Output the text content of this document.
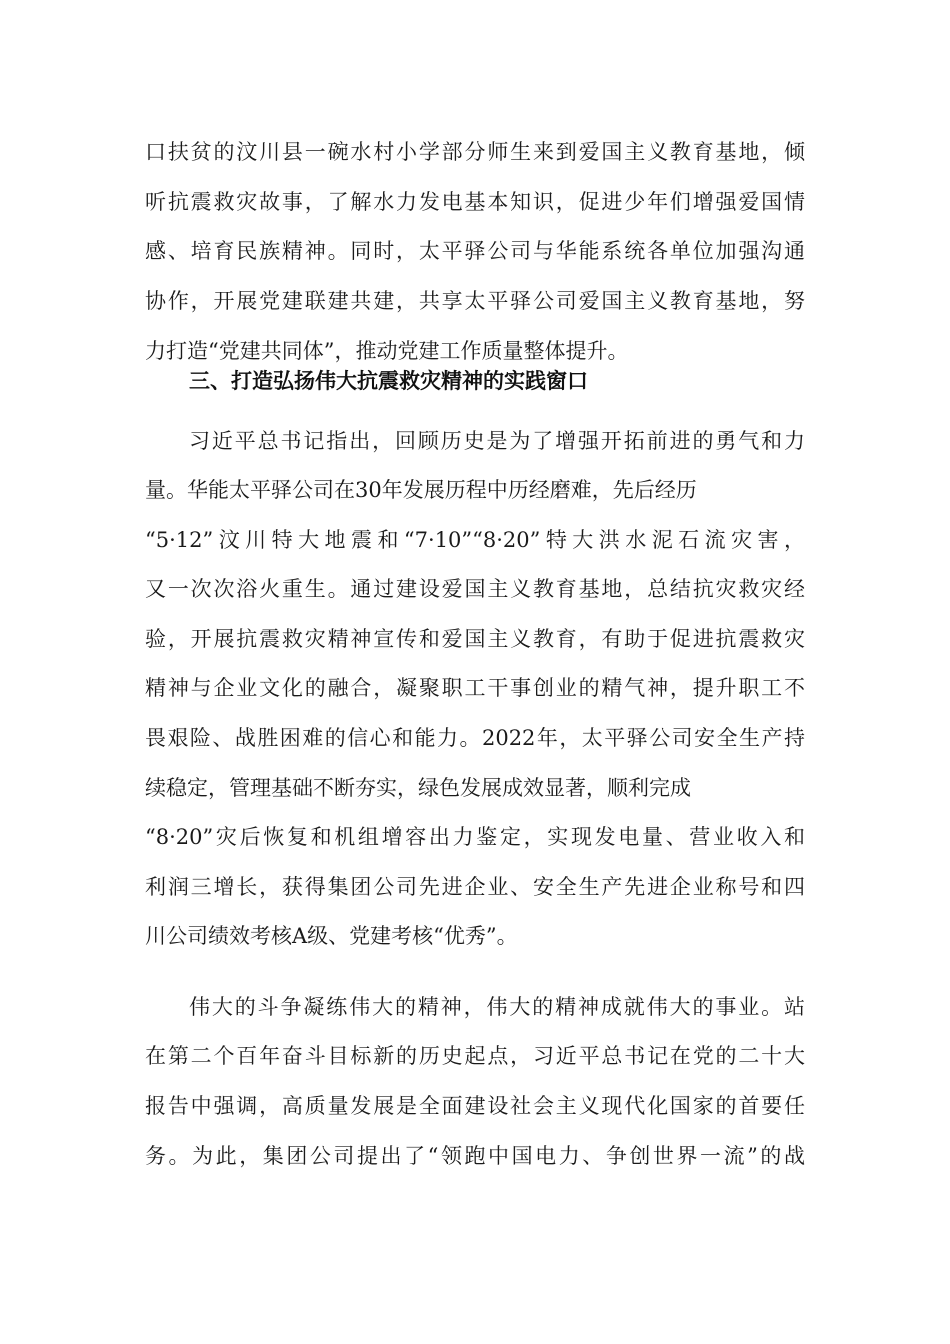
口扶贫的汶川县一碗水村小学部分师生来到爱国主义教育基地，倾
听抗震救灾故事，了解水力发电基本知识，促进少年们增强爱国情
感、培育民族精神。同时，太平驿公司与华能系统各单位加强沟通
协作，开展党建联建共建，共享太平驿公司爱国主义教育基地，努
力打造“党建共同体”，推动党建工作质量整体提升。
三、打造弘扬伟大抗震救灾精神的实践窗口
习近平总书记指出，回顾历史是为了增强开拓前进的勇气和力
量。华能太平驿公司在30年发展历程中历经磨难，先后经历
“5·12”汶川特大地震和“7·10”“8·20”特大洪水泥石流灾害，
又一次次浴火重生。通过建设爱国主义教育基地，总结抗灾救灾经
验，开展抗震救灾精神宣传和爱国主义教育，有助于促进抗震救灾
精神与企业文化的融合，凝聚职工干事创业的精气神，提升职工不
畏艰险、战胜困难的信心和能力。2022年，太平驿公司安全生产持
续稳定，管理基础不断夯实，绿色发展成效显著，顺利完成
“8·20”灾后恢复和机组增容出力鉴定，实现发电量、营业收入和
利润三增长，获得集团公司先进企业、安全生产先进企业称号和四
川公司绩效考核A级、党建考核“优秀”。
伟大的斗争凝练伟大的精神，伟大的精神成就伟大的事业。站
在第二个百年奋斗目标新的历史起点，习近平总书记在党的二十大
报告中强调，高质量发展是全面建设社会主义现代化国家的首要任
务。为此，集团公司提出了“领跑中国电力、争创世界一流”的战
